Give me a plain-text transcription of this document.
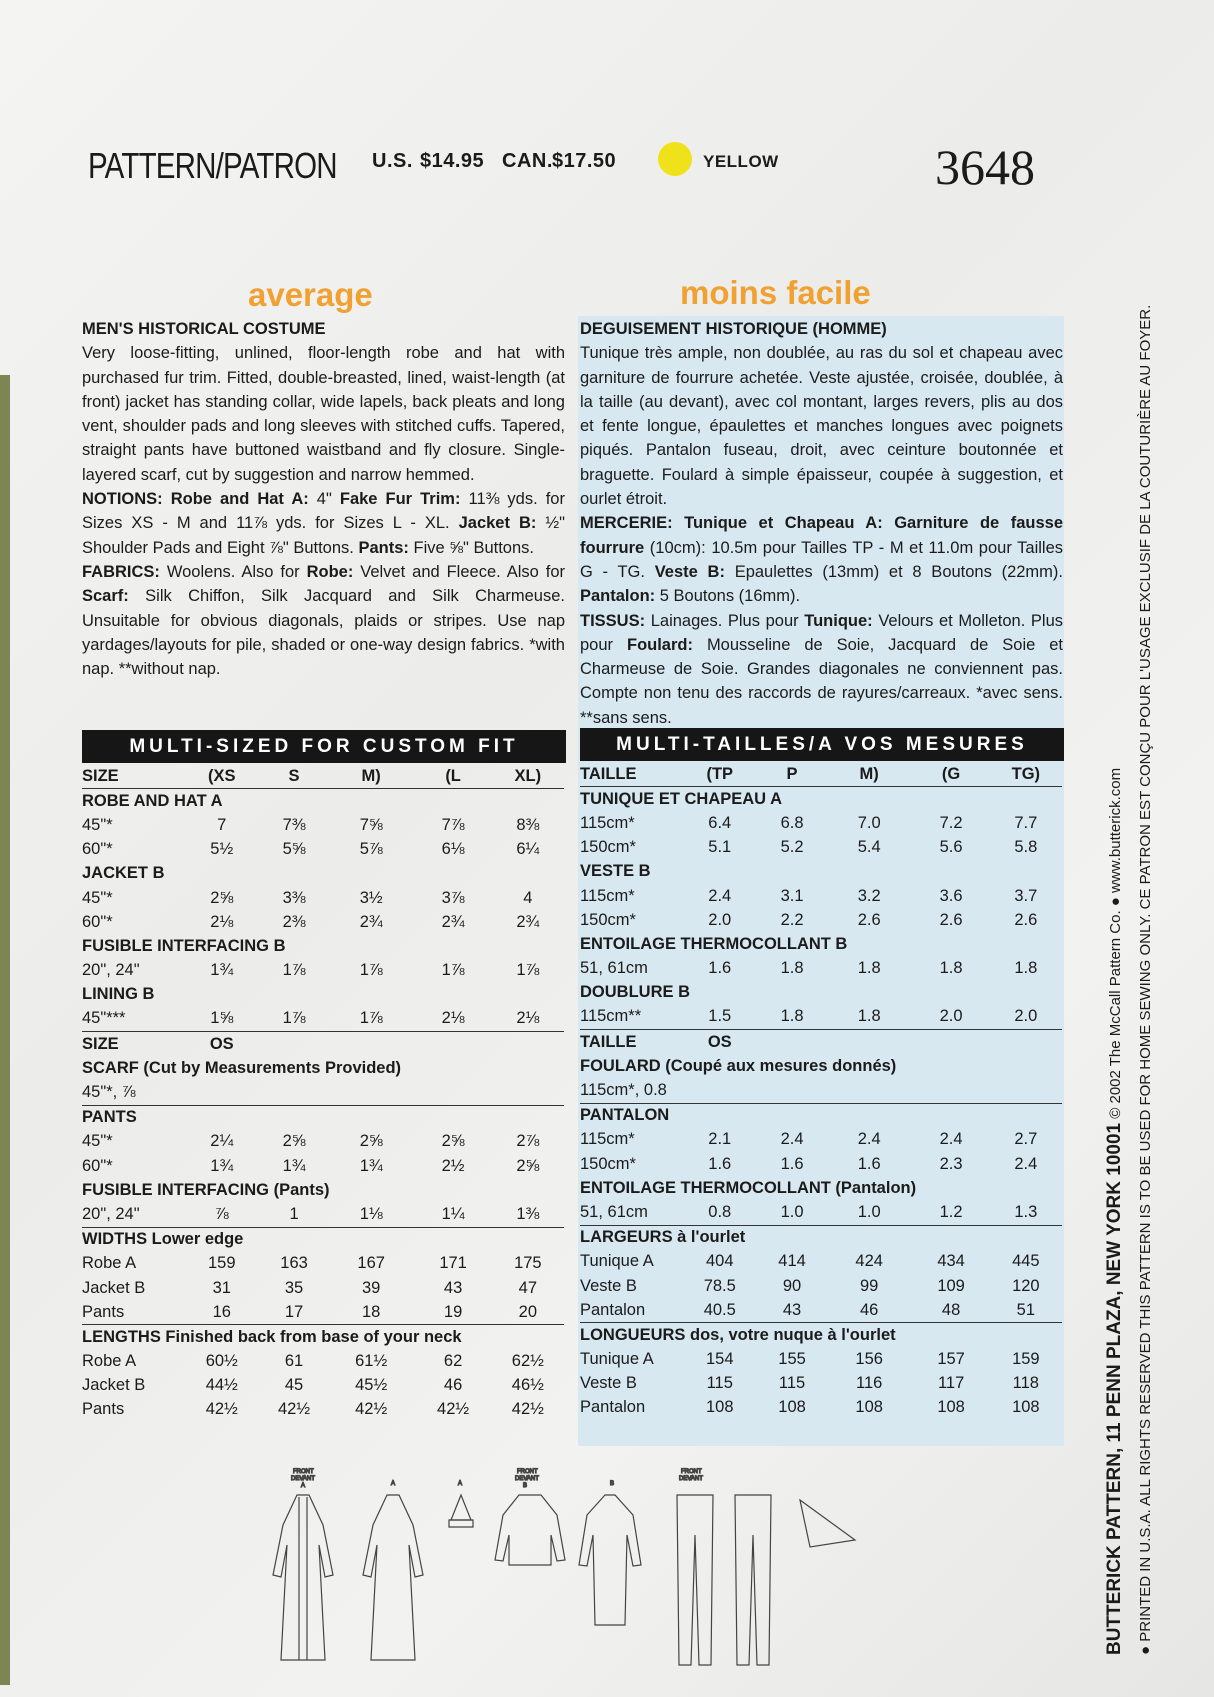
PATTERN/PATRON U.S. $14.95 CAN. $17.50	YELLOW	3648
average	moins facile

MEN'S HISTORICAL COSTUME

Very loose-fitting, unlined, floor-length robe and hat with purchased fur trim. Fitted, double-breasted, lined, waist-length (at front) jacket has standing collar, wide lapels, back pleats and long vent, shoulder pads and long sleeves with stitched cuffs. Tapered, straight pants have buttoned waistband and fly closure. Single-layered scarf, cut by suggestion and narrow hemmed.

NOTIONS: Robe and Hat A: 4" Fake Fur Trim: 11⅜ yds. for Sizes XS - M and 11⅞ yds. for Sizes L - XL. Jacket B: ½" Shoulder Pads and Eight ⅞" Buttons. Pants: Five ⅝" Buttons.

FABRICS: Woolens. Also for Robe: Velvet and Fleece. Also for Scarf: Silk Chiffon, Silk Jacquard and Silk Charmeuse. Unsuitable for obvious diagonals, plaids or stripes. Use nap yardages/layouts for pile, shaded or one-way design fabrics. *with nap. **without nap.

DEGUISEMENT HISTORIQUE (HOMME)

Tunique très ample, non doublée, au ras du sol et chapeau avec garniture de fourrure achetée. Veste ajustée, croisée, doublée, à la taille (au devant), avec col montant, larges revers, plis au dos et fente longue, épaulettes et manches longues avec poignets piqués. Pantalon fuseau, droit, avec ceinture boutonnée et braguette. Foulard à simple épaisseur, coupée à suggestion, et ourlet étroit.

MERCERIE: Tunique et Chapeau A: Garniture de fausse fourrure (10cm): 10.5m pour Tailles TP - M et 11.0m pour Tailles G - TG. Veste B: Epaulettes (13mm) et 8 Boutons (22mm). Pantalon: 5 Boutons (16mm).

TISSUS: Lainages. Plus pour Tunique: Velours et Molleton. Plus pour Foulard: Mousseline de Soie, Jacquard de Soie et Charmeuse de Soie. Grandes diagonales ne conviennent pas. Compte non tenu des raccords de rayures/carreaux. *avec sens. **sans sens.

MULTI-SIZED FOR CUSTOM FIT	MULTI-TAILLES/A VOS MESURES
SIZE	(XS	S	M)	(L	XL)
ROBE AND HAT A					
45"*	7	7⅜	7⅝	7⅞	8⅜
60"*	5½	5⅝	5⅞	6⅛	6¼
JACKET B					
45"*	2⅝	3⅜	3½	3⅞	4
60"*	2⅛	2⅜	2¾	2¾	2¾
FUSIBLE INTERFACING B					
20", 24"	1¾	1⅞	1⅞	1⅞	1⅞
LINING B					
45"***	1⅝	1⅞	1⅞	2⅛	2⅛
SIZE	OS				
SCARF (Cut by Measurements Provided)					
45"*, ⅞					
PANTS					
45"*	2¼	2⅝	2⅝	2⅝	2⅞
60"*	1¾	1¾	1¾	2½	2⅝
FUSIBLE INTERFACING (Pants)					
20", 24"	⅞	1	1⅛	1¼	1⅜
WIDTHS Lower edge					
Robe A	159	163	167	171	175
Jacket B	31	35	39	43	47
Pants	16	17	18	19	20
LENGTHS Finished back from base of your neck					
Robe A	60½	61	61½	62	62½
Jacket B	44½	45	45½	46	46½
Pants	42½	42½	42½	42½	42½
TAILLE	(TP	P	M)	(G	TG)
TUNIQUE ET CHAPEAU A					
115cm*	6.4	6.8	7.0	7.2	7.7
150cm*	5.1	5.2	5.4	5.6	5.8
VESTE B					
115cm*	2.4	3.1	3.2	3.6	3.7
150cm*	2.0	2.2	2.6	2.6	2.6
ENTOILAGE THERMOCOLLANT B					
51, 61cm	1.6	1.8	1.8	1.8	1.8
DOUBLURE B					
115cm**	1.5	1.8	1.8	2.0	2.0
TAILLE	OS				
FOULARD (Coupé aux mesures donnés)					
115cm*, 0.8					
PANTALON					
115cm*	2.1	2.4	2.4	2.4	2.7
150cm*	1.6	1.6	1.6	2.3	2.4
ENTOILAGE THERMOCOLLANT (Pantalon)					
51, 61cm	0.8	1.0	1.0	1.2	1.3
LARGEURS à l'ourlet					
Tunique A	404	414	424	434	445
Veste B	78.5	90	99	109	120
Pantalon	40.5	43	46	48	51
LONGUEURS dos, votre nuque à l'ourlet					
Tunique A	154	155	156	157	159
Veste B	115	115	116	117	118
Pantalon	108	108	108	108	108
FRONT
DEVANT
A	A	A
FRONT
DEVANT
B	B
FRONT
DEVANT	BUTTERICK PATTERN, 11 PENN PLAZA, NEW YORK 10001 © 2002 The McCall Pattern Co. ● www.butterick.com
● PRINTED IN U.S.A. ALL RIGHTS RESERVED THIS PATTERN IS TO BE USED FOR HOME SEWING ONLY. CE PATRON EST CONÇU POUR L'USAGE EXCLUSIF DE LA COUTURIÈRE AU FOYER.
